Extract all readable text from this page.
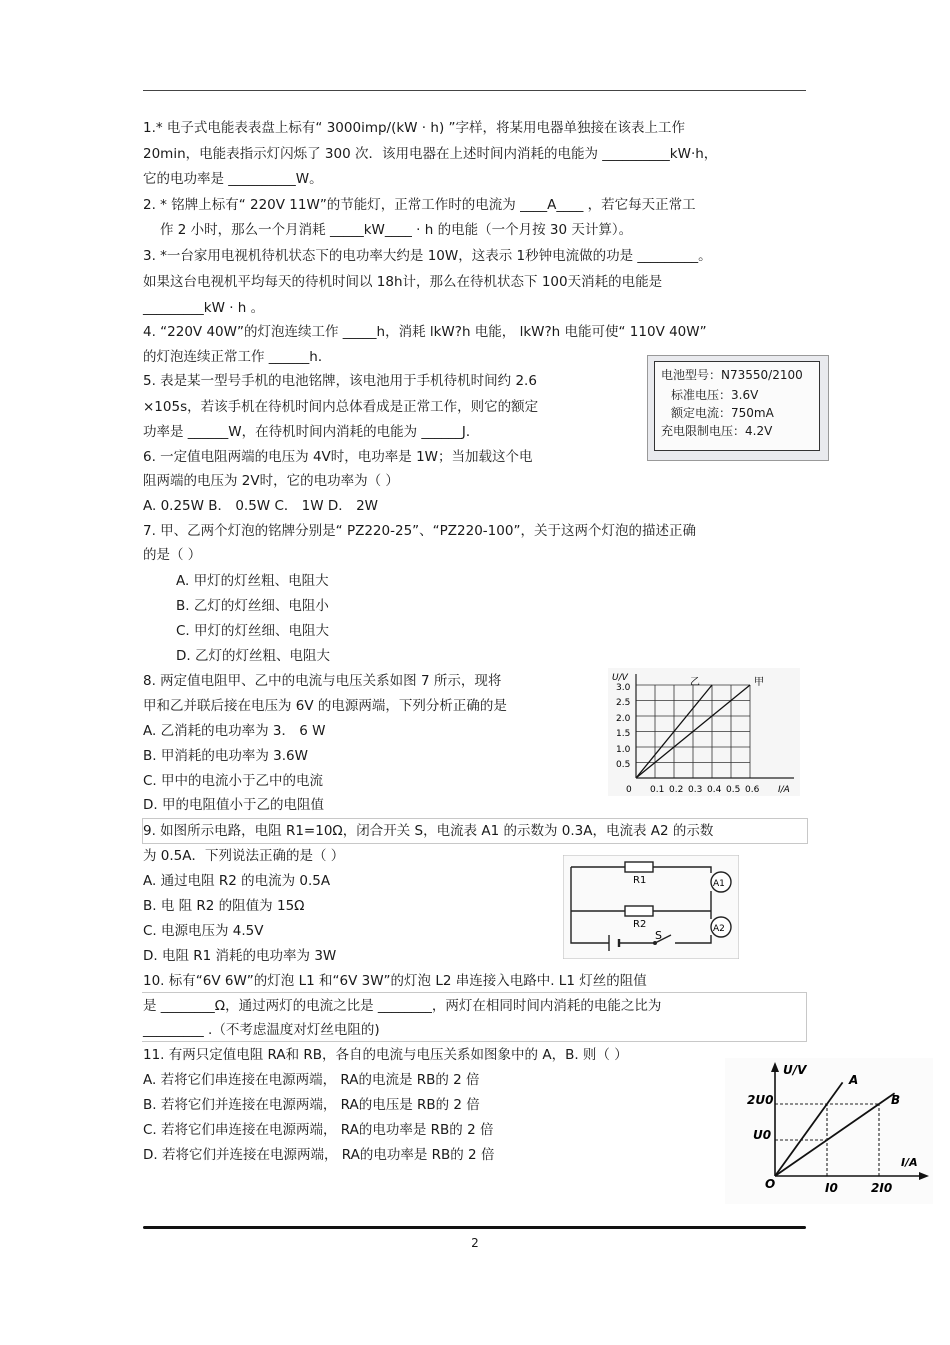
1.* 电子式电能表表盘上标有“ 3000imp/(kW · h) ”字样，将某用电器单独接在该表上工作
20min，电能表指示灯闪烁了 300 次．该用电器在上述时间内消耗的电能为 __________kW·h，
它的电功率是 __________W。
2. * 铭牌上标有“ 220V 11W”的节能灯，正常工作时的电流为 ____A____ ，若它每天正常工
作 2 小时，那么一个月消耗 _____kW____ · h 的电能（一个月按 30 天计算）。
3. *一台家用电视机待机状态下的电功率大约是 10W，这表示 1秒钟电流做的功是 _________。
如果这台电视机平均每天的待机时间以 18h计，那么在待机状态下 100天消耗的电能是
_________kW · h 。
4. “220V 40W”的灯泡连续工作 _____h，消耗 lkW?h 电能， lkW?h 电能可使“ 110V 40W”
的灯泡连续正常工作 ______h．
5. 表是某一型号手机的电池铭牌，该电池用于手机待机时间约 2.6
×105s，若该手机在待机时间内总体看成是正常工作，则它的额定
功率是 ______W，在待机时间内消耗的电能为 ______J．
6. 一定值电阻两端的电压为 4V时，电功率是 1W；当加载这个电
阻两端的电压为 2V时，它的电功率为（ ）
A. 0.25W B． 0.5W C． 1W D． 2W
7. 甲、乙两个灯泡的铭牌分别是“ PZ220-25”、“PZ220-100”，关于这两个灯泡的描述正确
的是（ ）
A. 甲灯的灯丝粗、电阻大
B. 乙灯的灯丝细、电阻小
C. 甲灯的灯丝细、电阻大
D. 乙灯的灯丝粗、电阻大
8. 两定值电阻甲、乙中的电流与电压关系如图 7 所示，现将
甲和乙并联后接在电压为 6V 的电源两端，下列分析正确的是
A. 乙消耗的电功率为 3． 6 W
B. 甲消耗的电功率为 3.6W
C. 甲中的电流小于乙中的电流
D. 甲的电阻值小于乙的电阻值
9. 如图所示电路，电阻 R1=10Ω，闭合开关 S，电流表 A1 的示数为 0.3A，电流表 A2 的示数
为 0.5A．下列说法正确的是（ ）
A. 通过电阻 R2 的电流为 0.5A
B. 电 阻 R2 的阻值为 15Ω
C. 电源电压为 4.5V
D. 电阻 R1 消耗的电功率为 3W
10. 标有“6V 6W”的灯泡 L1 和“6V 3W”的灯泡 L2 串连接入电路中. L1 灯丝的阻值
是 ________Ω，通过两灯的电流之比是 ________，两灯在相同时间内消耗的电能之比为
_________ .（不考虑温度对灯丝电阻的)
11. 有两只定值电阻 RA和 RB，各自的电流与电压关系如图象中的 A，B. 则（ ）
A. 若将它们串连接在电源两端， RA的电流是 RB的 2 倍
B. 若将它们并连接在电源两端， RA的电压是 RB的 2 倍
C. 若将它们串连接在电源两端， RA的电功率是 RB的 2 倍
D. 若将它们并连接在电源两端， RA的电功率是 RB的 2 倍
电池型号：N73550/2100
标准电压：3.6V
额定电流：750mA
充电限制电压：4.2V
U/V
I/A
0.5
1.0
1.5
2.0
2.5
3.0
0 0.1 0.2 0.3 0.4 0.5 0.6
乙	甲
R1
R2
A1
A2
S
U/V
I/A
2U0
U0
I0	2I0
O
A
B
2
